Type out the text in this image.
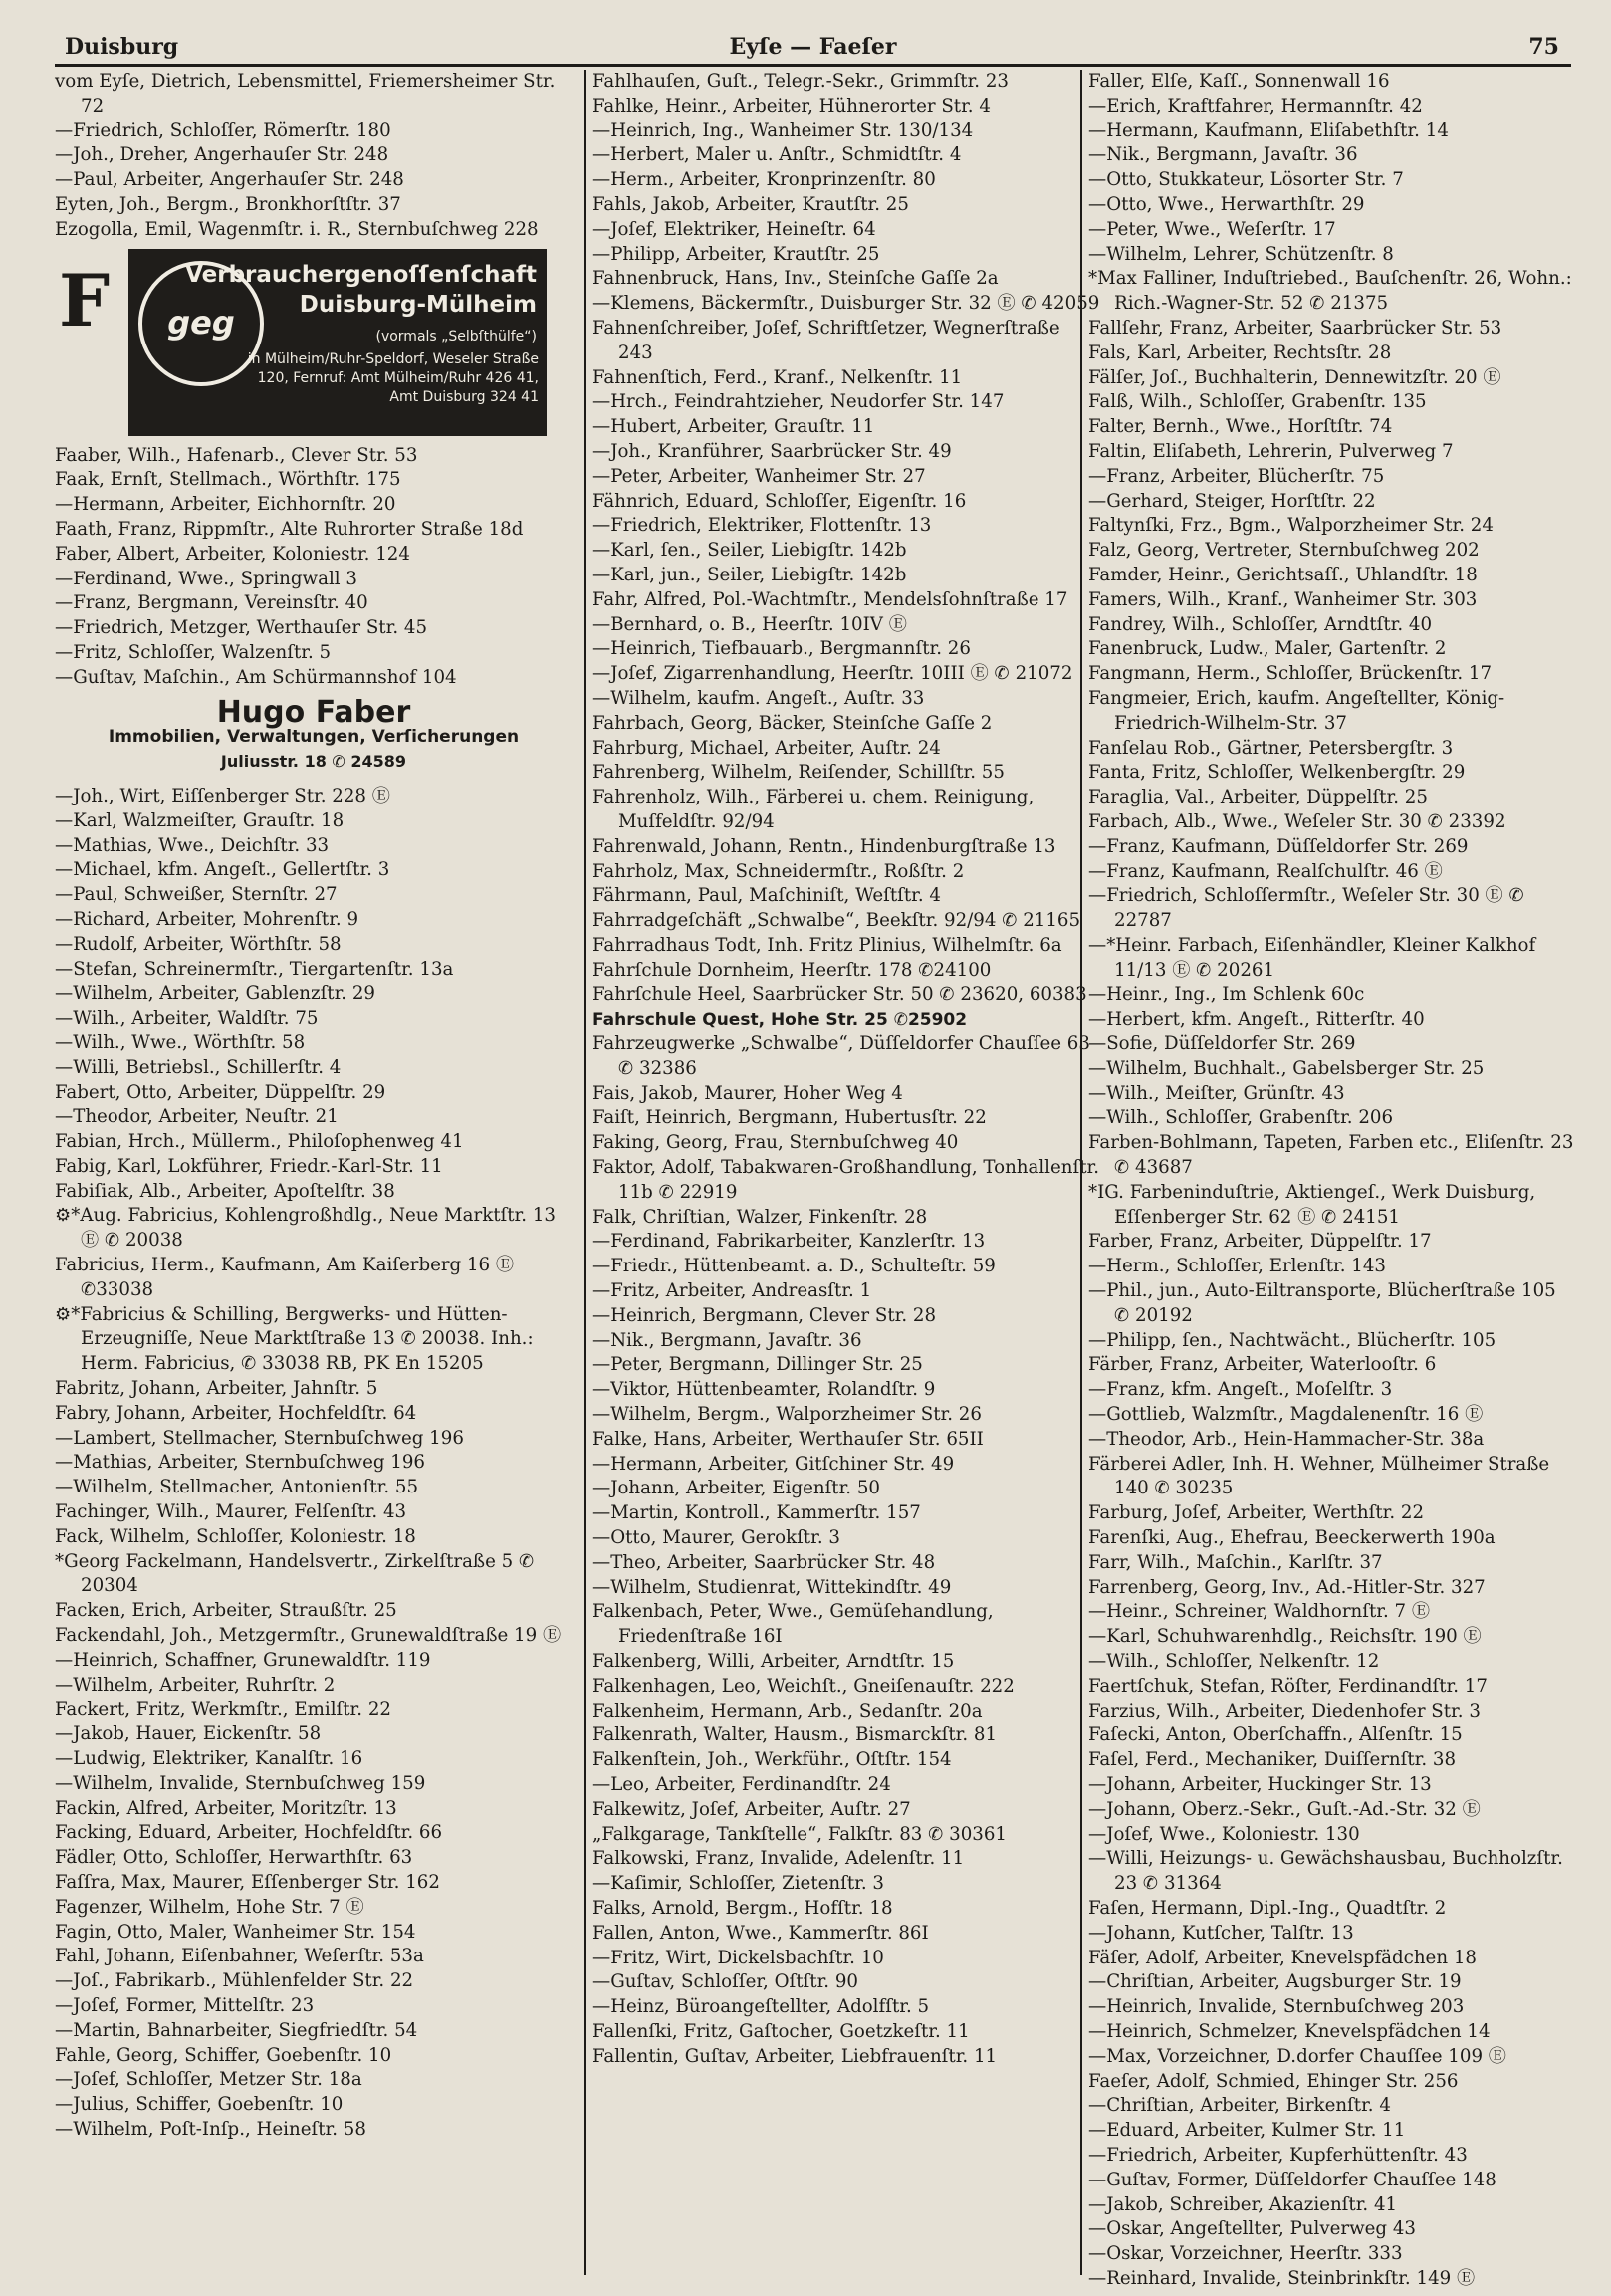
Duisburg	Eyſe — Faeſer	75
vom Eyſe, Dietrich, Lebensmittel, Friemersheimer Str. 72
—Friedrich, Schloſſer, Römerſtr. 180
—Joh., Dreher, Angerhauſer Str. 248
—Paul, Arbeiter, Angerhauſer Str. 248
Eyten, Joh., Bergm., Bronkhorſtſtr. 37
Ezogolla, Emil, Wagenmſtr. i. R., Sternbuſchweg 228
F geg
Verbrauchergenoſſenſchaft
Duisburg-Mülheim
(vormals „Selbſthülfe“)
in Mülheim/Ruhr-Speldorf, Weseler Straße 120, Fernruf: Amt Mülheim/Ruhr 426 41, Amt Duisburg 324 41
Faaber, Wilh., Hafenarb., Clever Str. 53
Faak, Ernſt, Stellmach., Wörthſtr. 175
—Hermann, Arbeiter, Eichhornſtr. 20
Faath, Franz, Rippmſtr., Alte Ruhrorter Straße 18d
Faber, Albert, Arbeiter, Koloniestr. 124
—Ferdinand, Wwe., Springwall 3
—Franz, Bergmann, Vereinsſtr. 40
—Friedrich, Metzger, Werthauſer Str. 45
—Fritz, Schloſſer, Walzenſtr. 5
—Guſtav, Maſchin., Am Schürmannshof 104
Hugo Faber
Immobilien, Verwaltungen, Verſicherungen
Juliusstr. 18 ✆ 24589
—Joh., Wirt, Eiſſenberger Str. 228 Ⓔ
—Karl, Walzmeiſter, Grauſtr. 18
—Mathias, Wwe., Deichſtr. 33
—Michael, kfm. Angeſt., Gellertſtr. 3
—Paul, Schweißer, Sternſtr. 27
—Richard, Arbeiter, Mohrenſtr. 9
—Rudolf, Arbeiter, Wörthſtr. 58
—Stefan, Schreinermſtr., Tiergartenſtr. 13a
—Wilhelm, Arbeiter, Gablenzſtr. 29
—Wilh., Arbeiter, Waldſtr. 75
—Wilh., Wwe., Wörthſtr. 58
—Willi, Betriebsl., Schillerſtr. 4
Fabert, Otto, Arbeiter, Düppelſtr. 29
—Theodor, Arbeiter, Neuſtr. 21
Fabian, Hrch., Müllerm., Philoſophenweg 41
Fabig, Karl, Lokführer, Friedr.-Karl-Str. 11
Fabiſiak, Alb., Arbeiter, Apoſtelſtr. 38
⚙*Aug. Fabricius, Kohlengroßhdlg., Neue Marktſtr. 13 Ⓔ ✆ 20038
Fabricius, Herm., Kaufmann, Am Kaiſerberg 16 Ⓔ ✆33038
⚙*Fabricius & Schilling, Bergwerks- und Hütten-Erzeugniſſe, Neue Marktſtraße 13 ✆ 20038. Inh.: Herm. Fabricius, ✆ 33038 RB, PK En 15205
Fabritz, Johann, Arbeiter, Jahnſtr. 5
Fabry, Johann, Arbeiter, Hochfeldſtr. 64
—Lambert, Stellmacher, Sternbuſchweg 196
—Mathias, Arbeiter, Sternbuſchweg 196
—Wilhelm, Stellmacher, Antonienſtr. 55
Fachinger, Wilh., Maurer, Felſenſtr. 43
Fack, Wilhelm, Schloſſer, Koloniestr. 18
*Georg Fackelmann, Handelsvertr., Zirkelſtraße 5 ✆ 20304
Facken, Erich, Arbeiter, Straußſtr. 25
Fackendahl, Joh., Metzgermſtr., Grunewaldſtraße 19 Ⓔ
—Heinrich, Schaffner, Grunewaldſtr. 119
—Wilhelm, Arbeiter, Ruhrſtr. 2
Fackert, Fritz, Werkmſtr., Emilſtr. 22
—Jakob, Hauer, Eickenſtr. 58
—Ludwig, Elektriker, Kanalſtr. 16
—Wilhelm, Invalide, Sternbuſchweg 159
Fackin, Alfred, Arbeiter, Moritzſtr. 13
Facking, Eduard, Arbeiter, Hochfeldſtr. 66
Fädler, Otto, Schloſſer, Herwarthſtr. 63
Faſſra, Max, Maurer, Eſſenberger Str. 162
Fagenzer, Wilhelm, Hohe Str. 7 Ⓔ
Fagin, Otto, Maler, Wanheimer Str. 154
Fahl, Johann, Eiſenbahner, Weſerſtr. 53a
—Joſ., Fabrikarb., Mühlenfelder Str. 22
—Joſef, Former, Mittelſtr. 23
—Martin, Bahnarbeiter, Siegfriedſtr. 54
Fahle, Georg, Schiffer, Goebenſtr. 10
—Joſef, Schloſſer, Metzer Str. 18a
—Julius, Schiffer, Goebenſtr. 10
—Wilhelm, Poſt-Inſp., Heineſtr. 58
Fahlhauſen, Guſt., Telegr.-Sekr., Grimmſtr. 23
Fahlke, Heinr., Arbeiter, Hühnerorter Str. 4
—Heinrich, Ing., Wanheimer Str. 130/134
—Herbert, Maler u. Anſtr., Schmidtſtr. 4
—Herm., Arbeiter, Kronprinzenſtr. 80
Fahls, Jakob, Arbeiter, Krautſtr. 25
—Joſef, Elektriker, Heineſtr. 64
—Philipp, Arbeiter, Krautſtr. 25
Fahnenbruck, Hans, Inv., Steinſche Gaſſe 2a
—Klemens, Bäckermſtr., Duisburger Str. 32 Ⓔ ✆ 42059
Fahnenſchreiber, Joſef, Schriftſetzer, Wegnerſtraße 243
Fahnenſtich, Ferd., Kranf., Nelkenſtr. 11
—Hrch., Feindrahtzieher, Neudorfer Str. 147
—Hubert, Arbeiter, Grauſtr. 11
—Joh., Kranführer, Saarbrücker Str. 49
—Peter, Arbeiter, Wanheimer Str. 27
Fähnrich, Eduard, Schloſſer, Eigenſtr. 16
—Friedrich, Elektriker, Flottenſtr. 13
—Karl, ſen., Seiler, Liebigſtr. 142b
—Karl, jun., Seiler, Liebigſtr. 142b
Fahr, Alfred, Pol.-Wachtmſtr., Mendelsſohnſtraße 17
—Bernhard, o. B., Heerſtr. 10IV Ⓔ
—Heinrich, Tiefbauarb., Bergmannſtr. 26
—Joſef, Zigarrenhandlung, Heerſtr. 10III Ⓔ ✆ 21072
—Wilhelm, kaufm. Angeſt., Auſtr. 33
Fahrbach, Georg, Bäcker, Steinſche Gaſſe 2
Fahrburg, Michael, Arbeiter, Auſtr. 24
Fahrenberg, Wilhelm, Reiſender, Schillſtr. 55
Fahrenholz, Wilh., Färberei u. chem. Reinigung, Muſfeldſtr. 92/94
Fahrenwald, Johann, Rentn., Hindenburgſtraße 13
Fahrholz, Max, Schneidermſtr., Roßſtr. 2
Fährmann, Paul, Maſchiniſt, Weſtſtr. 4
Fahrradgeſchäft „Schwalbe“, Beekſtr. 92/94 ✆ 21165
Fahrradhaus Todt, Inh. Fritz Plinius, Wilhelmſtr. 6a
Fahrſchule Dornheim, Heerſtr. 178 ✆24100
Fahrſchule Heel, Saarbrücker Str. 50 ✆ 23620, 60383
Fahrschule Quest, Hohe Str. 25 ✆25902
Fahrzeugwerke „Schwalbe“, Düſſeldorfer Chauſſee 63 ✆ 32386
Fais, Jakob, Maurer, Hoher Weg 4
Faiſt, Heinrich, Bergmann, Hubertusſtr. 22
Faking, Georg, Frau, Sternbuſchweg 40
Faktor, Adolf, Tabakwaren-Großhandlung, Tonhallenſtr. 11b ✆ 22919
Falk, Chriſtian, Walzer, Finkenſtr. 28
—Ferdinand, Fabrikarbeiter, Kanzlerſtr. 13
—Friedr., Hüttenbeamt. a. D., Schulteſtr. 59
—Fritz, Arbeiter, Andreasſtr. 1
—Heinrich, Bergmann, Clever Str. 28
—Nik., Bergmann, Javaſtr. 36
—Peter, Bergmann, Dillinger Str. 25
—Viktor, Hüttenbeamter, Rolandſtr. 9
—Wilhelm, Bergm., Walporzheimer Str. 26
Falke, Hans, Arbeiter, Werthauſer Str. 65II
—Hermann, Arbeiter, Gitſchiner Str. 49
—Johann, Arbeiter, Eigenſtr. 50
—Martin, Kontroll., Kammerſtr. 157
—Otto, Maurer, Gerokſtr. 3
—Theo, Arbeiter, Saarbrücker Str. 48
—Wilhelm, Studienrat, Wittekindſtr. 49
Falkenbach, Peter, Wwe., Gemüſehandlung, Friedenſtraße 16I
Falkenberg, Willi, Arbeiter, Arndtſtr. 15
Falkenhagen, Leo, Weichſt., Gneiſenauſtr. 222
Falkenheim, Hermann, Arb., Sedanſtr. 20a
Falkenrath, Walter, Hausm., Bismarckſtr. 81
Falkenſtein, Joh., Werkführ., Oſtſtr. 154
—Leo, Arbeiter, Ferdinandſtr. 24
Falkewitz, Joſef, Arbeiter, Auſtr. 27
„Falkgarage, Tankſtelle“, Falkſtr. 83 ✆ 30361
Falkowski, Franz, Invalide, Adelenſtr. 11
—Kaſimir, Schloſſer, Zietenſtr. 3
Falks, Arnold, Bergm., Hofſtr. 18
Fallen, Anton, Wwe., Kammerſtr. 86I
—Fritz, Wirt, Dickelsbachſtr. 10
—Guſtav, Schloſſer, Oſtſtr. 90
—Heinz, Büroangeſtellter, Adolfſtr. 5
Fallenſki, Fritz, Gaſtocher, Goetzkeſtr. 11
Fallentin, Guſtav, Arbeiter, Liebfrauenſtr. 11
Faller, Elſe, Kaſſ., Sonnenwall 16
—Erich, Kraftfahrer, Hermannſtr. 42
—Hermann, Kaufmann, Eliſabethſtr. 14
—Nik., Bergmann, Javaſtr. 36
—Otto, Stukkateur, Lösorter Str. 7
—Otto, Wwe., Herwarthſtr. 29
—Peter, Wwe., Weſerſtr. 17
—Wilhelm, Lehrer, Schützenſtr. 8
*Max Falliner, Induſtriebed., Bauſchenſtr. 26, Wohn.: Rich.-Wagner-Str. 52 ✆ 21375
Fallſehr, Franz, Arbeiter, Saarbrücker Str. 53
Fals, Karl, Arbeiter, Rechtsſtr. 28
Fälſer, Joſ., Buchhalterin, Dennewitzſtr. 20 Ⓔ
Falß, Wilh., Schloſſer, Grabenſtr. 135
Falter, Bernh., Wwe., Horſtſtr. 74
Faltin, Eliſabeth, Lehrerin, Pulverweg 7
—Franz, Arbeiter, Blücherſtr. 75
—Gerhard, Steiger, Horſtſtr. 22
Faltynſki, Frz., Bgm., Walporzheimer Str. 24
Falz, Georg, Vertreter, Sternbuſchweg 202
Famder, Heinr., Gerichtsaſſ., Uhlandſtr. 18
Famers, Wilh., Kranf., Wanheimer Str. 303
Fandrey, Wilh., Schloſſer, Arndtſtr. 40
Fanenbruck, Ludw., Maler, Gartenſtr. 2
Fangmann, Herm., Schloſſer, Brückenſtr. 17
Fangmeier, Erich, kaufm. Angeſtellter, König-Friedrich-Wilhelm-Str. 37
Fanſelau Rob., Gärtner, Petersbergſtr. 3
Fanta, Fritz, Schloſſer, Welkenbergſtr. 29
Faraglia, Val., Arbeiter, Düppelſtr. 25
Farbach, Alb., Wwe., Weſeler Str. 30 ✆ 23392
—Franz, Kaufmann, Düſſeldorfer Str. 269
—Franz, Kaufmann, Realſchulſtr. 46 Ⓔ
—Friedrich, Schloſſermſtr., Weſeler Str. 30 Ⓔ ✆ 22787
—*Heinr. Farbach, Eiſenhändler, Kleiner Kalkhof 11/13 Ⓔ ✆ 20261
—Heinr., Ing., Im Schlenk 60c
—Herbert, kfm. Angeſt., Ritterſtr. 40
—Sofie, Düſſeldorfer Str. 269
—Wilhelm, Buchhalt., Gabelsberger Str. 25
—Wilh., Meiſter, Grünſtr. 43
—Wilh., Schloſſer, Grabenſtr. 206
Farben-Bohlmann, Tapeten, Farben etc., Eliſenſtr. 23 ✆ 43687
*IG. Farbeninduſtrie, Aktiengeſ., Werk Duisburg, Eſſenberger Str. 62 Ⓔ ✆ 24151
Farber, Franz, Arbeiter, Düppelſtr. 17
—Herm., Schloſſer, Erlenſtr. 143
—Phil., jun., Auto-Eiltransporte, Blücherſtraße 105 ✆ 20192
—Philipp, ſen., Nachtwächt., Blücherſtr. 105
Färber, Franz, Arbeiter, Waterlooſtr. 6
—Franz, kfm. Angeſt., Moſelſtr. 3
—Gottlieb, Walzmſtr., Magdalenenſtr. 16 Ⓔ
—Theodor, Arb., Hein-Hammacher-Str. 38a
Färberei Adler, Inh. H. Wehner, Mülheimer Straße 140 ✆ 30235
Farburg, Joſef, Arbeiter, Werthſtr. 22
Farenſki, Aug., Ehefrau, Beeckerwerth 190a
Farr, Wilh., Maſchin., Karlſtr. 37
Farrenberg, Georg, Inv., Ad.-Hitler-Str. 327
—Heinr., Schreiner, Waldhornſtr. 7 Ⓔ
—Karl, Schuhwarenhdlg., Reichsſtr. 190 Ⓔ
—Wilh., Schloſſer, Nelkenſtr. 12
Faertſchuk, Stefan, Röſter, Ferdinandſtr. 17
Farzius, Wilh., Arbeiter, Diedenhofer Str. 3
Faſecki, Anton, Oberſchaffn., Alſenſtr. 15
Faſel, Ferd., Mechaniker, Duiſſernſtr. 38
—Johann, Arbeiter, Huckinger Str. 13
—Johann, Oberz.-Sekr., Guſt.-Ad.-Str. 32 Ⓔ
—Joſef, Wwe., Koloniestr. 130
—Willi, Heizungs- u. Gewächshausbau, Buchholzſtr. 23 ✆ 31364
Faſen, Hermann, Dipl.-Ing., Quadtſtr. 2
—Johann, Kutſcher, Talſtr. 13
Fäſer, Adolf, Arbeiter, Knevelspfädchen 18
—Chriſtian, Arbeiter, Augsburger Str. 19
—Heinrich, Invalide, Sternbuſchweg 203
—Heinrich, Schmelzer, Knevelspfädchen 14
—Max, Vorzeichner, D.dorfer Chauſſee 109 Ⓔ
Faeſer, Adolf, Schmied, Ehinger Str. 256
—Chriſtian, Arbeiter, Birkenſtr. 4
—Eduard, Arbeiter, Kulmer Str. 11
—Friedrich, Arbeiter, Kupferhüttenſtr. 43
—Guſtav, Former, Düſſeldorfer Chauſſee 148
—Jakob, Schreiber, Akazienſtr. 41
—Oskar, Angeſtellter, Pulverweg 43
—Oskar, Vorzeichner, Heerſtr. 333
—Reinhard, Invalide, Steinbrinkſtr. 149 Ⓔ
